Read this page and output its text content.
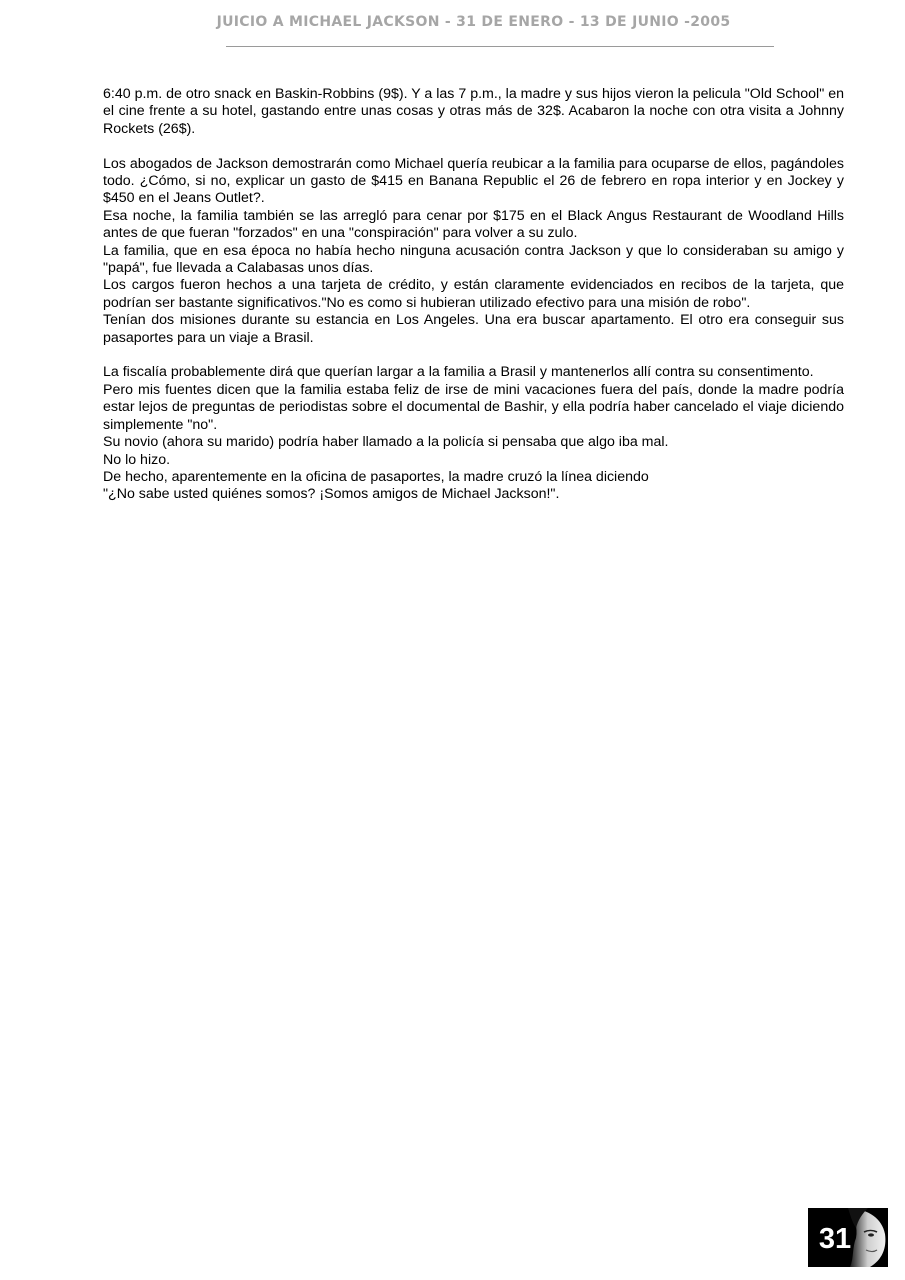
JUICIO A MICHAEL JACKSON - 31 DE ENERO - 13 DE JUNIO -2005

6:40 p.m. de otro snack en Baskin-Robbins (9$). Y a las 7 p.m., la madre y sus hijos vieron la pelicula "Old School" en el cine frente a su hotel, gastando entre unas cosas y otras más de 32$. Acabaron la noche con otra visita a Johnny Rockets (26$).

Los abogados de Jackson demostrarán como Michael quería reubicar a la familia para ocuparse de ellos, pagándoles todo. ¿Cómo, si no, explicar un gasto de $415 en Banana Republic el 26 de febrero en ropa interior y en Jockey y $450 en el Jeans Outlet?.

Esa noche, la familia también se las arregló para cenar por $175 en el Black Angus Restaurant de Woodland Hills antes de que fueran "forzados" en una "conspiración" para volver a su zulo.

La familia, que en esa época no había hecho ninguna acusación contra Jackson y que lo consideraban su amigo y "papá", fue llevada a Calabasas unos días.

Los cargos fueron hechos a una tarjeta de crédito, y están claramente evidenciados en recibos de la tarjeta, que podrían ser bastante significativos."No es como si hubieran utilizado efectivo para una misión de robo".

Tenían dos misiones durante su estancia en Los Angeles. Una era buscar apartamento. El otro era conseguir sus pasaportes para un viaje a Brasil.

La fiscalía probablemente dirá que querían largar a la familia a Brasil y mantenerlos allí contra su consentimento.

Pero mis fuentes dicen que la familia estaba feliz de irse de mini vacaciones fuera del país, donde la madre podría estar lejos de preguntas de periodistas sobre el documental de Bashir, y ella podría haber cancelado el viaje diciendo simplemente "no".

Su novio (ahora su marido) podría haber llamado a la policía si pensaba que algo iba mal.

No lo hizo.

De hecho, aparentemente en la oficina de pasaportes, la madre cruzó la línea diciendo

"¿No sabe usted quiénes somos? ¡Somos amigos de Michael Jackson!".

31
